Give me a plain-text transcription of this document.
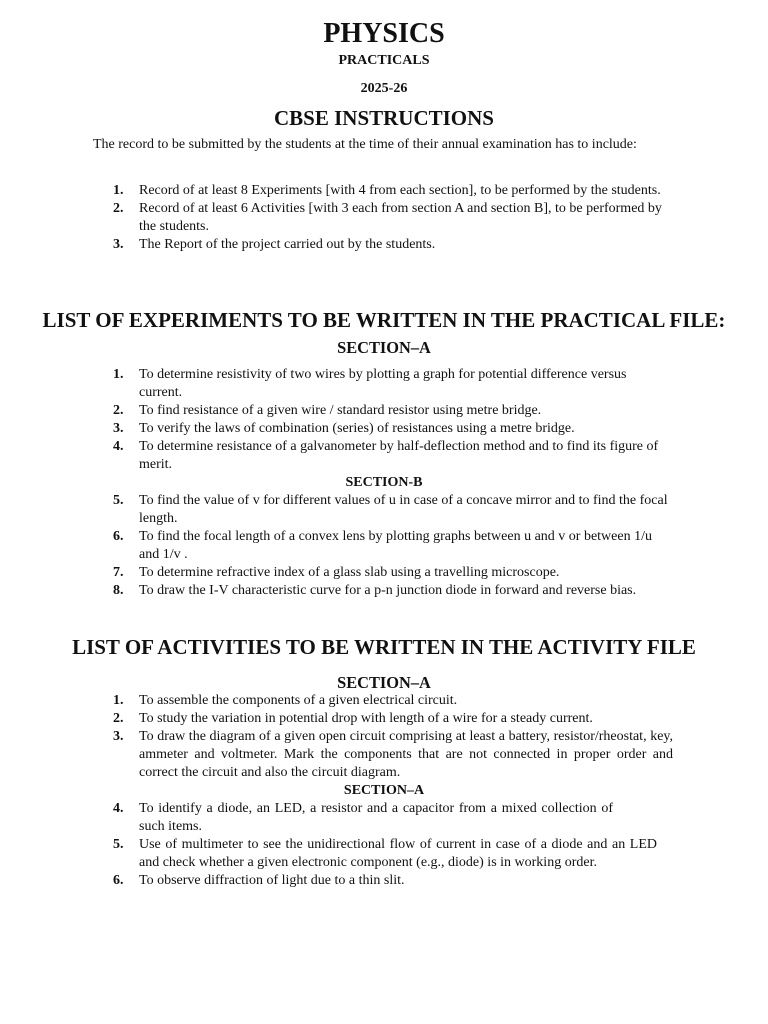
PHYSICS
PRACTICALS
2025-26
CBSE INSTRUCTIONS

The record to be submitted by the students at the time of their annual examination has to include:

1. Record of at least 8 Experiments [with 4 from each section], to be performed by the students.
2. Record of at least 6 Activities [with 3 each from section A and section B], to be performed by the students.
3. The Report of the project carried out by the students.
LIST OF EXPERIMENTS TO BE WRITTEN IN THE PRACTICAL FILE:
SECTION–A
1. To determine resistivity of two wires by plotting a graph for potential difference versus current.
2. To find resistance of a given wire / standard resistor using metre bridge.
3. To verify the laws of combination (series) of resistances using a metre bridge.
4. To determine resistance of a galvanometer by half-deflection method and to find its figure of merit.
SECTION-B
5. To find the value of v for different values of u in case of a concave mirror and to find the focal length.
6. To find the focal length of a convex lens by plotting graphs between u and v or between 1/u and 1/v .
7. To determine refractive index of a glass slab using a travelling microscope.
8. To draw the I-V characteristic curve for a p-n junction diode in forward and reverse bias.
LIST OF ACTIVITIES TO BE WRITTEN IN THE ACTIVITY FILE
SECTION–A
1. To assemble the components of a given electrical circuit.
2. To study the variation in potential drop with length of a wire for a steady current.
3. To draw the diagram of a given open circuit comprising at least a battery, resistor/rheostat, key, ammeter and voltmeter. Mark the components that are not connected in proper order and correct the circuit and also the circuit diagram.
SECTION–A
4. To identify a diode, an LED, a resistor and a capacitor from a mixed collection of such items.
5. Use of multimeter to see the unidirectional flow of current in case of a diode and an LED and check whether a given electronic component (e.g., diode) is in working order.
6. To observe diffraction of light due to a thin slit.
